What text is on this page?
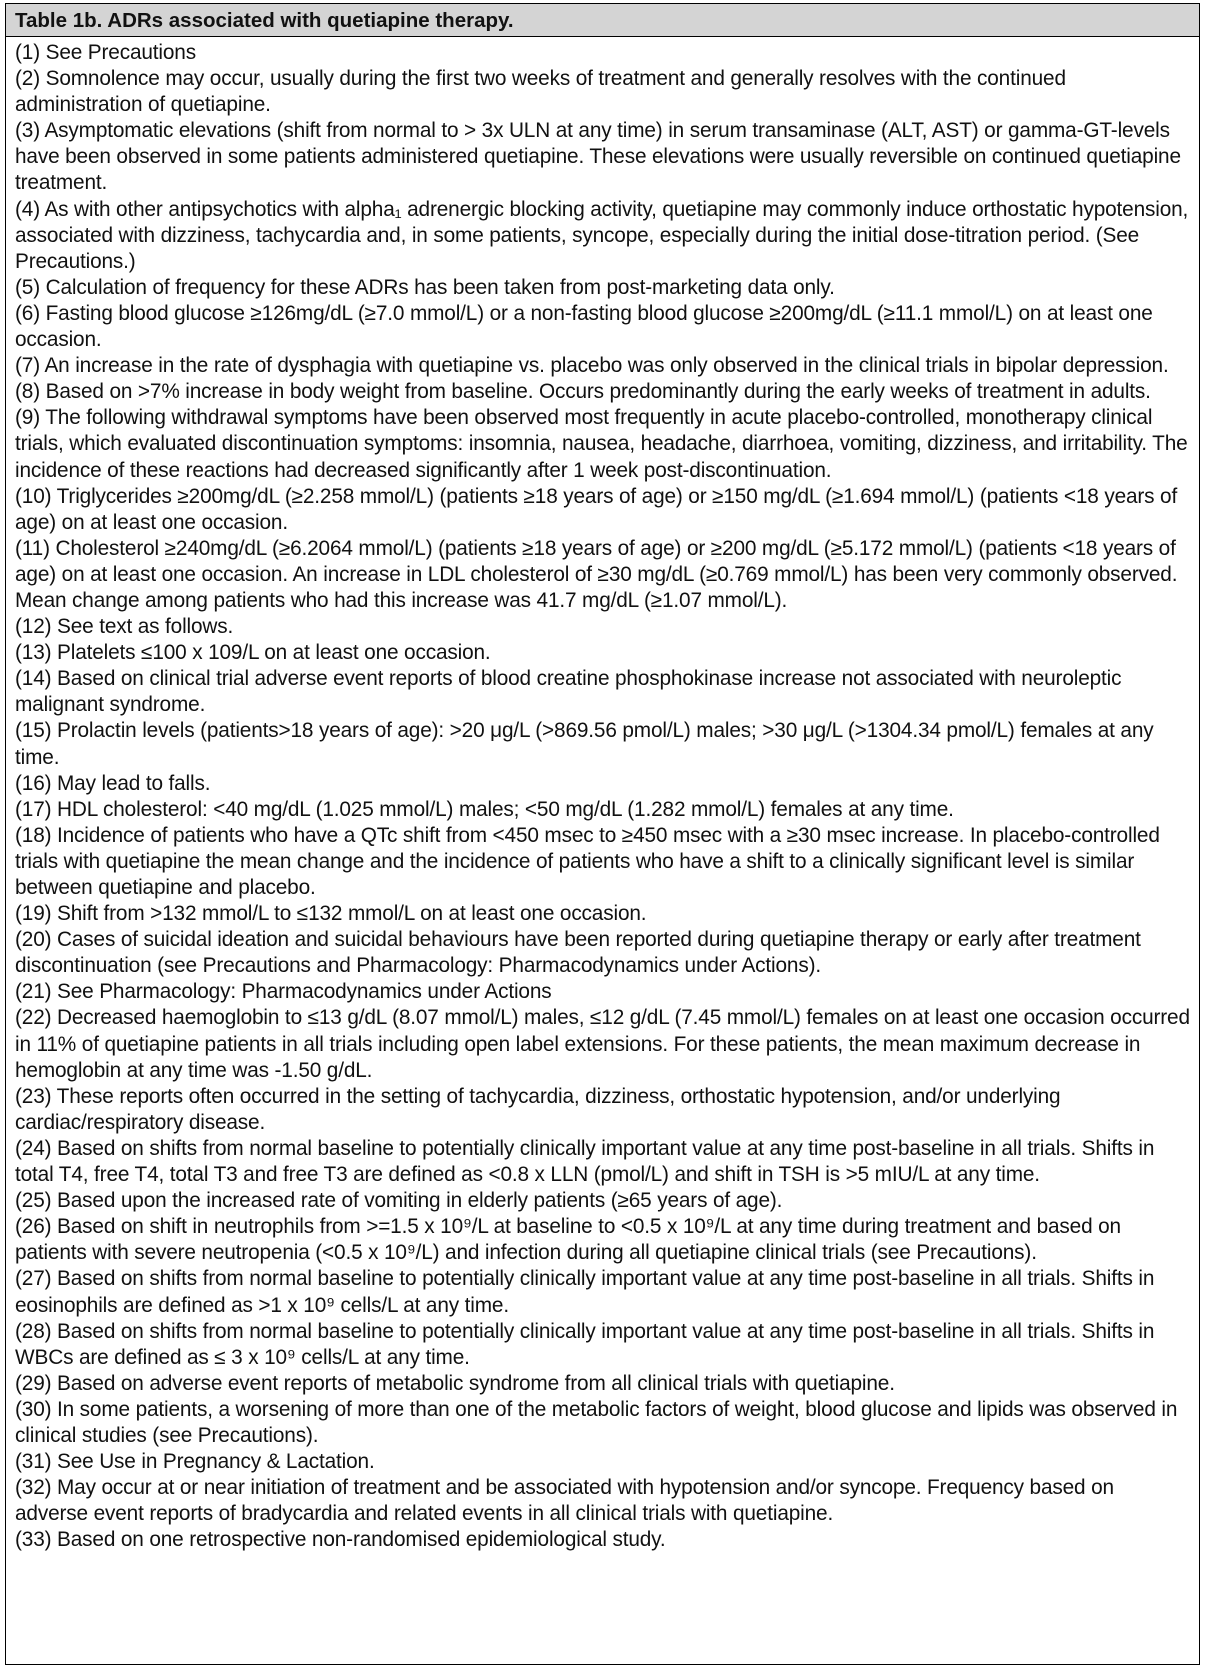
Table 1b. ADRs associated with quetiapine therapy.

(1) See Precautions

(2) Somnolence may occur, usually during the first two weeks of treatment and generally resolves with the continued administration of quetiapine.

(3) Asymptomatic elevations (shift from normal to > 3x ULN at any time) in serum transaminase (ALT, AST) or gamma-GT-levels have been observed in some patients administered quetiapine. These elevations were usually reversible on continued quetiapine treatment.

(4) As with other antipsychotics with alpha₁ adrenergic blocking activity, quetiapine may commonly induce orthostatic hypotension, associated with dizziness, tachycardia and, in some patients, syncope, especially during the initial dose-titration period. (See Precautions.)

(5) Calculation of frequency for these ADRs has been taken from post-marketing data only.

(6) Fasting blood glucose ≥126mg/dL (≥7.0 mmol/L) or a non-fasting blood glucose ≥200mg/dL (≥11.1 mmol/L) on at least one occasion.

(7) An increase in the rate of dysphagia with quetiapine vs. placebo was only observed in the clinical trials in bipolar depression.

(8) Based on >7% increase in body weight from baseline. Occurs predominantly during the early weeks of treatment in adults.

(9) The following withdrawal symptoms have been observed most frequently in acute placebo-controlled, monotherapy clinical trials, which evaluated discontinuation symptoms: insomnia, nausea, headache, diarrhoea, vomiting, dizziness, and irritability. The incidence of these reactions had decreased significantly after 1 week post-discontinuation.

(10) Triglycerides ≥200mg/dL (≥2.258 mmol/L) (patients ≥18 years of age) or ≥150 mg/dL (≥1.694 mmol/L) (patients <18 years of age) on at least one occasion.

(11) Cholesterol ≥240mg/dL (≥6.2064 mmol/L) (patients ≥18 years of age) or ≥200 mg/dL (≥5.172 mmol/L) (patients <18 years of age) on at least one occasion. An increase in LDL cholesterol of ≥30 mg/dL (≥0.769 mmol/L) has been very commonly observed. Mean change among patients who had this increase was 41.7 mg/dL (≥1.07 mmol/L).

(12) See text as follows.

(13) Platelets ≤100 x 109/L on at least one occasion.

(14) Based on clinical trial adverse event reports of blood creatine phosphokinase increase not associated with neuroleptic malignant syndrome.

(15) Prolactin levels (patients>18 years of age): >20 μg/L (>869.56 pmol/L) males; >30 μg/L (>1304.34 pmol/L) females at any time.

(16) May lead to falls.

(17) HDL cholesterol: <40 mg/dL (1.025 mmol/L) males; <50 mg/dL (1.282 mmol/L) females at any time.

(18) Incidence of patients who have a QTc shift from <450 msec to ≥450 msec with a ≥30 msec increase. In placebo-controlled trials with quetiapine the mean change and the incidence of patients who have a shift to a clinically significant level is similar between quetiapine and placebo.

(19) Shift from >132 mmol/L to ≤132 mmol/L on at least one occasion.

(20) Cases of suicidal ideation and suicidal behaviours have been reported during quetiapine therapy or early after treatment discontinuation (see Precautions and Pharmacology: Pharmacodynamics under Actions).

(21) See Pharmacology: Pharmacodynamics under Actions

(22) Decreased haemoglobin to ≤13 g/dL (8.07 mmol/L) males, ≤12 g/dL (7.45 mmol/L) females on at least one occasion occurred in 11% of quetiapine patients in all trials including open label extensions. For these patients, the mean maximum decrease in hemoglobin at any time was -1.50 g/dL.

(23) These reports often occurred in the setting of tachycardia, dizziness, orthostatic hypotension, and/or underlying cardiac/respiratory disease.

(24) Based on shifts from normal baseline to potentially clinically important value at any time post-baseline in all trials. Shifts in total T4, free T4, total T3 and free T3 are defined as <0.8 x LLN (pmol/L) and shift in TSH is >5 mIU/L at any time.

(25) Based upon the increased rate of vomiting in elderly patients (≥65 years of age).

(26) Based on shift in neutrophils from >=1.5 x 10⁹/L at baseline to <0.5 x 10⁹/L at any time during treatment and based on patients with severe neutropenia (<0.5 x 10⁹/L) and infection during all quetiapine clinical trials (see Precautions).

(27) Based on shifts from normal baseline to potentially clinically important value at any time post-baseline in all trials. Shifts in eosinophils are defined as >1 x 10⁹ cells/L at any time.

(28) Based on shifts from normal baseline to potentially clinically important value at any time post-baseline in all trials. Shifts in WBCs are defined as ≤ 3 x 10⁹ cells/L at any time.

(29) Based on adverse event reports of metabolic syndrome from all clinical trials with quetiapine.

(30) In some patients, a worsening of more than one of the metabolic factors of weight, blood glucose and lipids was observed in clinical studies (see Precautions).

(31) See Use in Pregnancy & Lactation.

(32) May occur at or near initiation of treatment and be associated with hypotension and/or syncope. Frequency based on adverse event reports of bradycardia and related events in all clinical trials with quetiapine.

(33) Based on one retrospective non-randomised epidemiological study.
